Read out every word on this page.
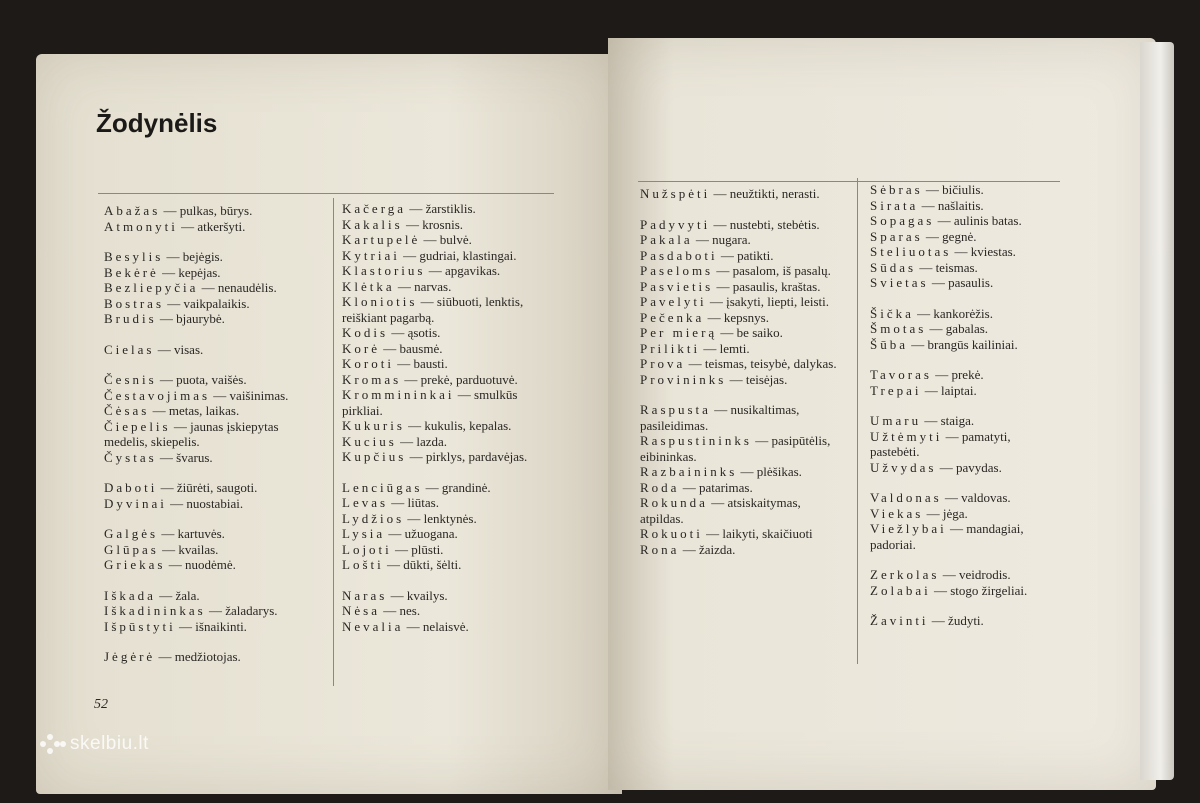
Žodynėlis
Abažas — pulkas, būrys.
Atmonyti — atkeršyti.
Besylis — bejėgis.
Bekėrė — kepėjas.
Bezliepyčia — nenaudėlis.
Bostras — vaikpalaikis.
Brudis — bjaurybė.
Cielas — visas.
Česnis — puota, vaišės.
Čestavojimas — vaišinimas.
Čėsas — metas, laikas.
Čiepelis — jaunas įskiepytas medelis, skiepelis.
Čystas — švarus.
Daboti — žiūrėti, saugoti.
Dyvinai — nuostabiai.
Galgės — kartuvės.
Glūpas — kvailas.
Griekas — nuodėmė.
Iškada — žala.
Iškadininkas — žaladarys.
Išpūstyti — išnaikinti.
Jėgėrė — medžiotojas.
Kačerga — žarstiklis.
Kakalis — krosnis.
Kartupelė — bulvė.
Kytriai — gudriai, klastingai.
Klastorius — apgavikas.
Klėtka — narvas.
Kloniotis — siūbuoti, lenktis, reiškiant pagarbą.
Kodis — ąsotis.
Korė — bausmė.
Koroti — bausti.
Kromas — prekė, parduotuvė.
Krommininkai — smulkūs pirkliai.
Kukuris — kukulis, kepalas.
Kucius — lazda.
Kupčius — pirklys, pardavėjas.
Lenciūgas — grandinė.
Levas — liūtas.
Lydžios — lenktynės.
Lysia — užuogana.
Lojoti — plūsti.
Lošti — dūkti, šėlti.
Naras — kvailys.
Nėsa — nes.
Nevalia — nelaisvė.
Nužspėti — neužtikti, nerasti.
Padyvyti — nustebti, stebėtis.
Pakala — nugara.
Pasdaboti — patikti.
Paseloms — pasalom, iš pasalų.
Pasvietis — pasaulis, kraštas.
Pavelyti — įsakyti, liepti, leisti.
Pečenka — kepsnys.
Per mierą — be saiko.
Prilikti — lemti.
Prova — teismas, teisybė, dalykas.
Provininks — teisėjas.
Raspusta — nusikaltimas, pasileidimas.
Raspustininks — pasipūtėlis, eibininkas.
Razbaininks — plėšikas.
Roda — patarimas.
Rokunda — atsiskaitymas, atpildas.
Rokuoti — laikyti, skaičiuoti
Rona — žaizda.
Sėbras — bičiulis.
Sirata — našlaitis.
Sopagas — aulinis batas.
Sparas — gegnė.
Steliuotas — kviestas.
Sūdas — teismas.
Svietas — pasaulis.
Šička — kankorėžis.
Šmotas — gabalas.
Šūba — brangūs kailiniai.
Tavoras — prekė.
Trepai — laiptai.
Umaru — staiga.
Užtėmyti — pamatyti, pastebėti.
Užvydas — pavydas.
Valdonas — valdovas.
Viekas — jėga.
Viežlybai — mandagiai, padoriai.
Zerkolas — veidrodis.
Zolabai — stogo žirgeliai.
Žavinti — žudyti.
52
skelbiu.lt
